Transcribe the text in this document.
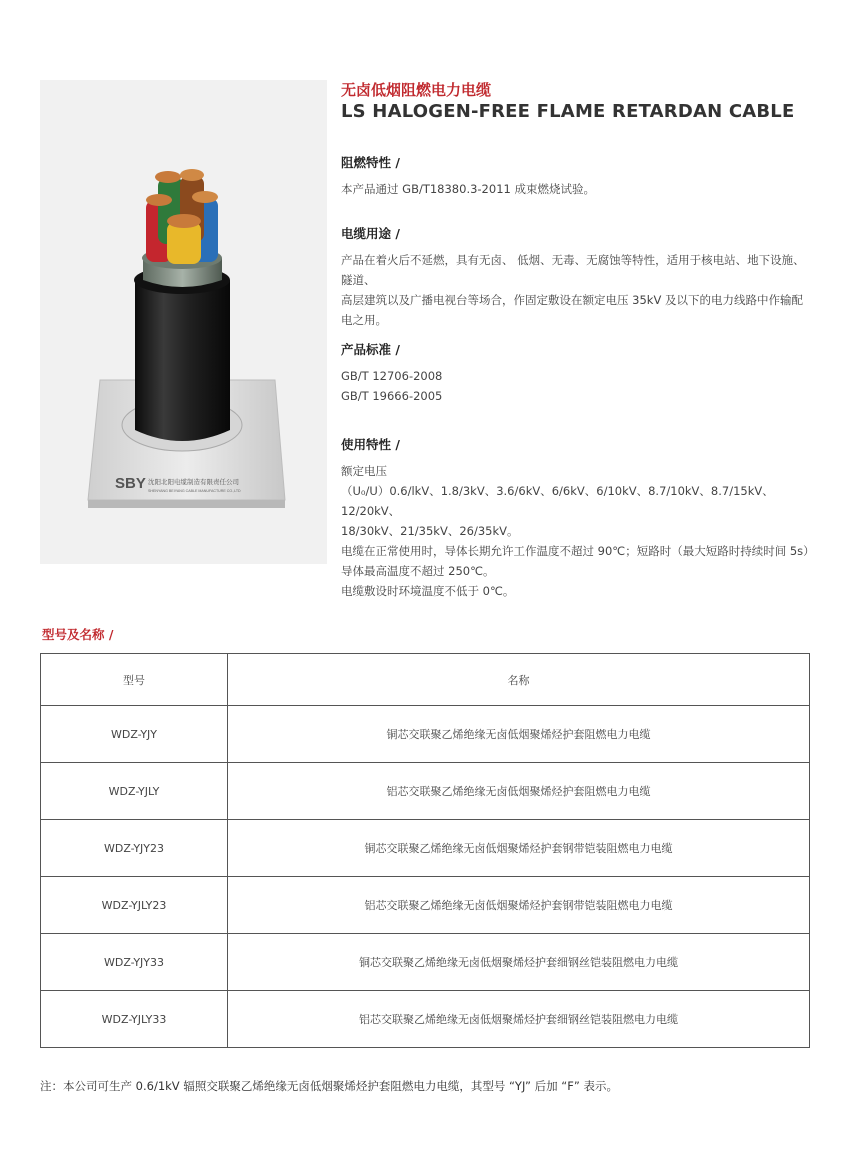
SBY 沈阳北阳电缆制造有限责任公司
SHENYANG BEIYANG CABLE MANUFACTURE CO.,LTD
无卤低烟阻燃电力电缆
LS HALOGEN-FREE FLAME RETARDAN CABLE
阻燃特性 /

本产品通过 GB/T18380.3-2011 成束燃烧试验。

电缆用途 /

产品在着火后不延燃，具有无卤、 低烟、无毒、无腐蚀等特性，适用于核电站、地下设施、隧道、

高层建筑以及广播电视台等场合，作固定敷设在额定电压 35kV 及以下的电力线路中作输配

电之用。

产品标准 /

GB/T 12706-2008

GB/T 19666-2005

使用特性 /

额定电压

（U₀/U）0.6/lkV、1.8/3kV、3.6/6kV、6/6kV、6/10kV、8.7/10kV、8.7/15kV、12/20kV、

18/30kV、21/35kV、26/35kV。

电缆在正常使用时，导体长期允许工作温度不超过 90℃；短路时（最大短路时持续时间 5s）

导体最高温度不超过 250℃。

电缆敷设时环境温度不低于 0℃。

型号及名称 /
型号	名称
WDZ-YJY	铜芯交联聚乙烯绝缘无卤低烟聚烯烃护套阻燃电力电缆
WDZ-YJLY	铝芯交联聚乙烯绝缘无卤低烟聚烯烃护套阻燃电力电缆
WDZ-YJY23	铜芯交联聚乙烯绝缘无卤低烟聚烯烃护套钢带铠装阻燃电力电缆
WDZ-YJLY23	铝芯交联聚乙烯绝缘无卤低烟聚烯烃护套钢带铠装阻燃电力电缆
WDZ-YJY33	铜芯交联聚乙烯绝缘无卤低烟聚烯烃护套细钢丝铠装阻燃电力电缆
WDZ-YJLY33	铝芯交联聚乙烯绝缘无卤低烟聚烯烃护套细钢丝铠装阻燃电力电缆

注：本公司可生产 0.6/1kV 辐照交联聚乙烯绝缘无卤低烟聚烯烃护套阻燃电力电缆，其型号 “YJ” 后加 “F” 表示。
